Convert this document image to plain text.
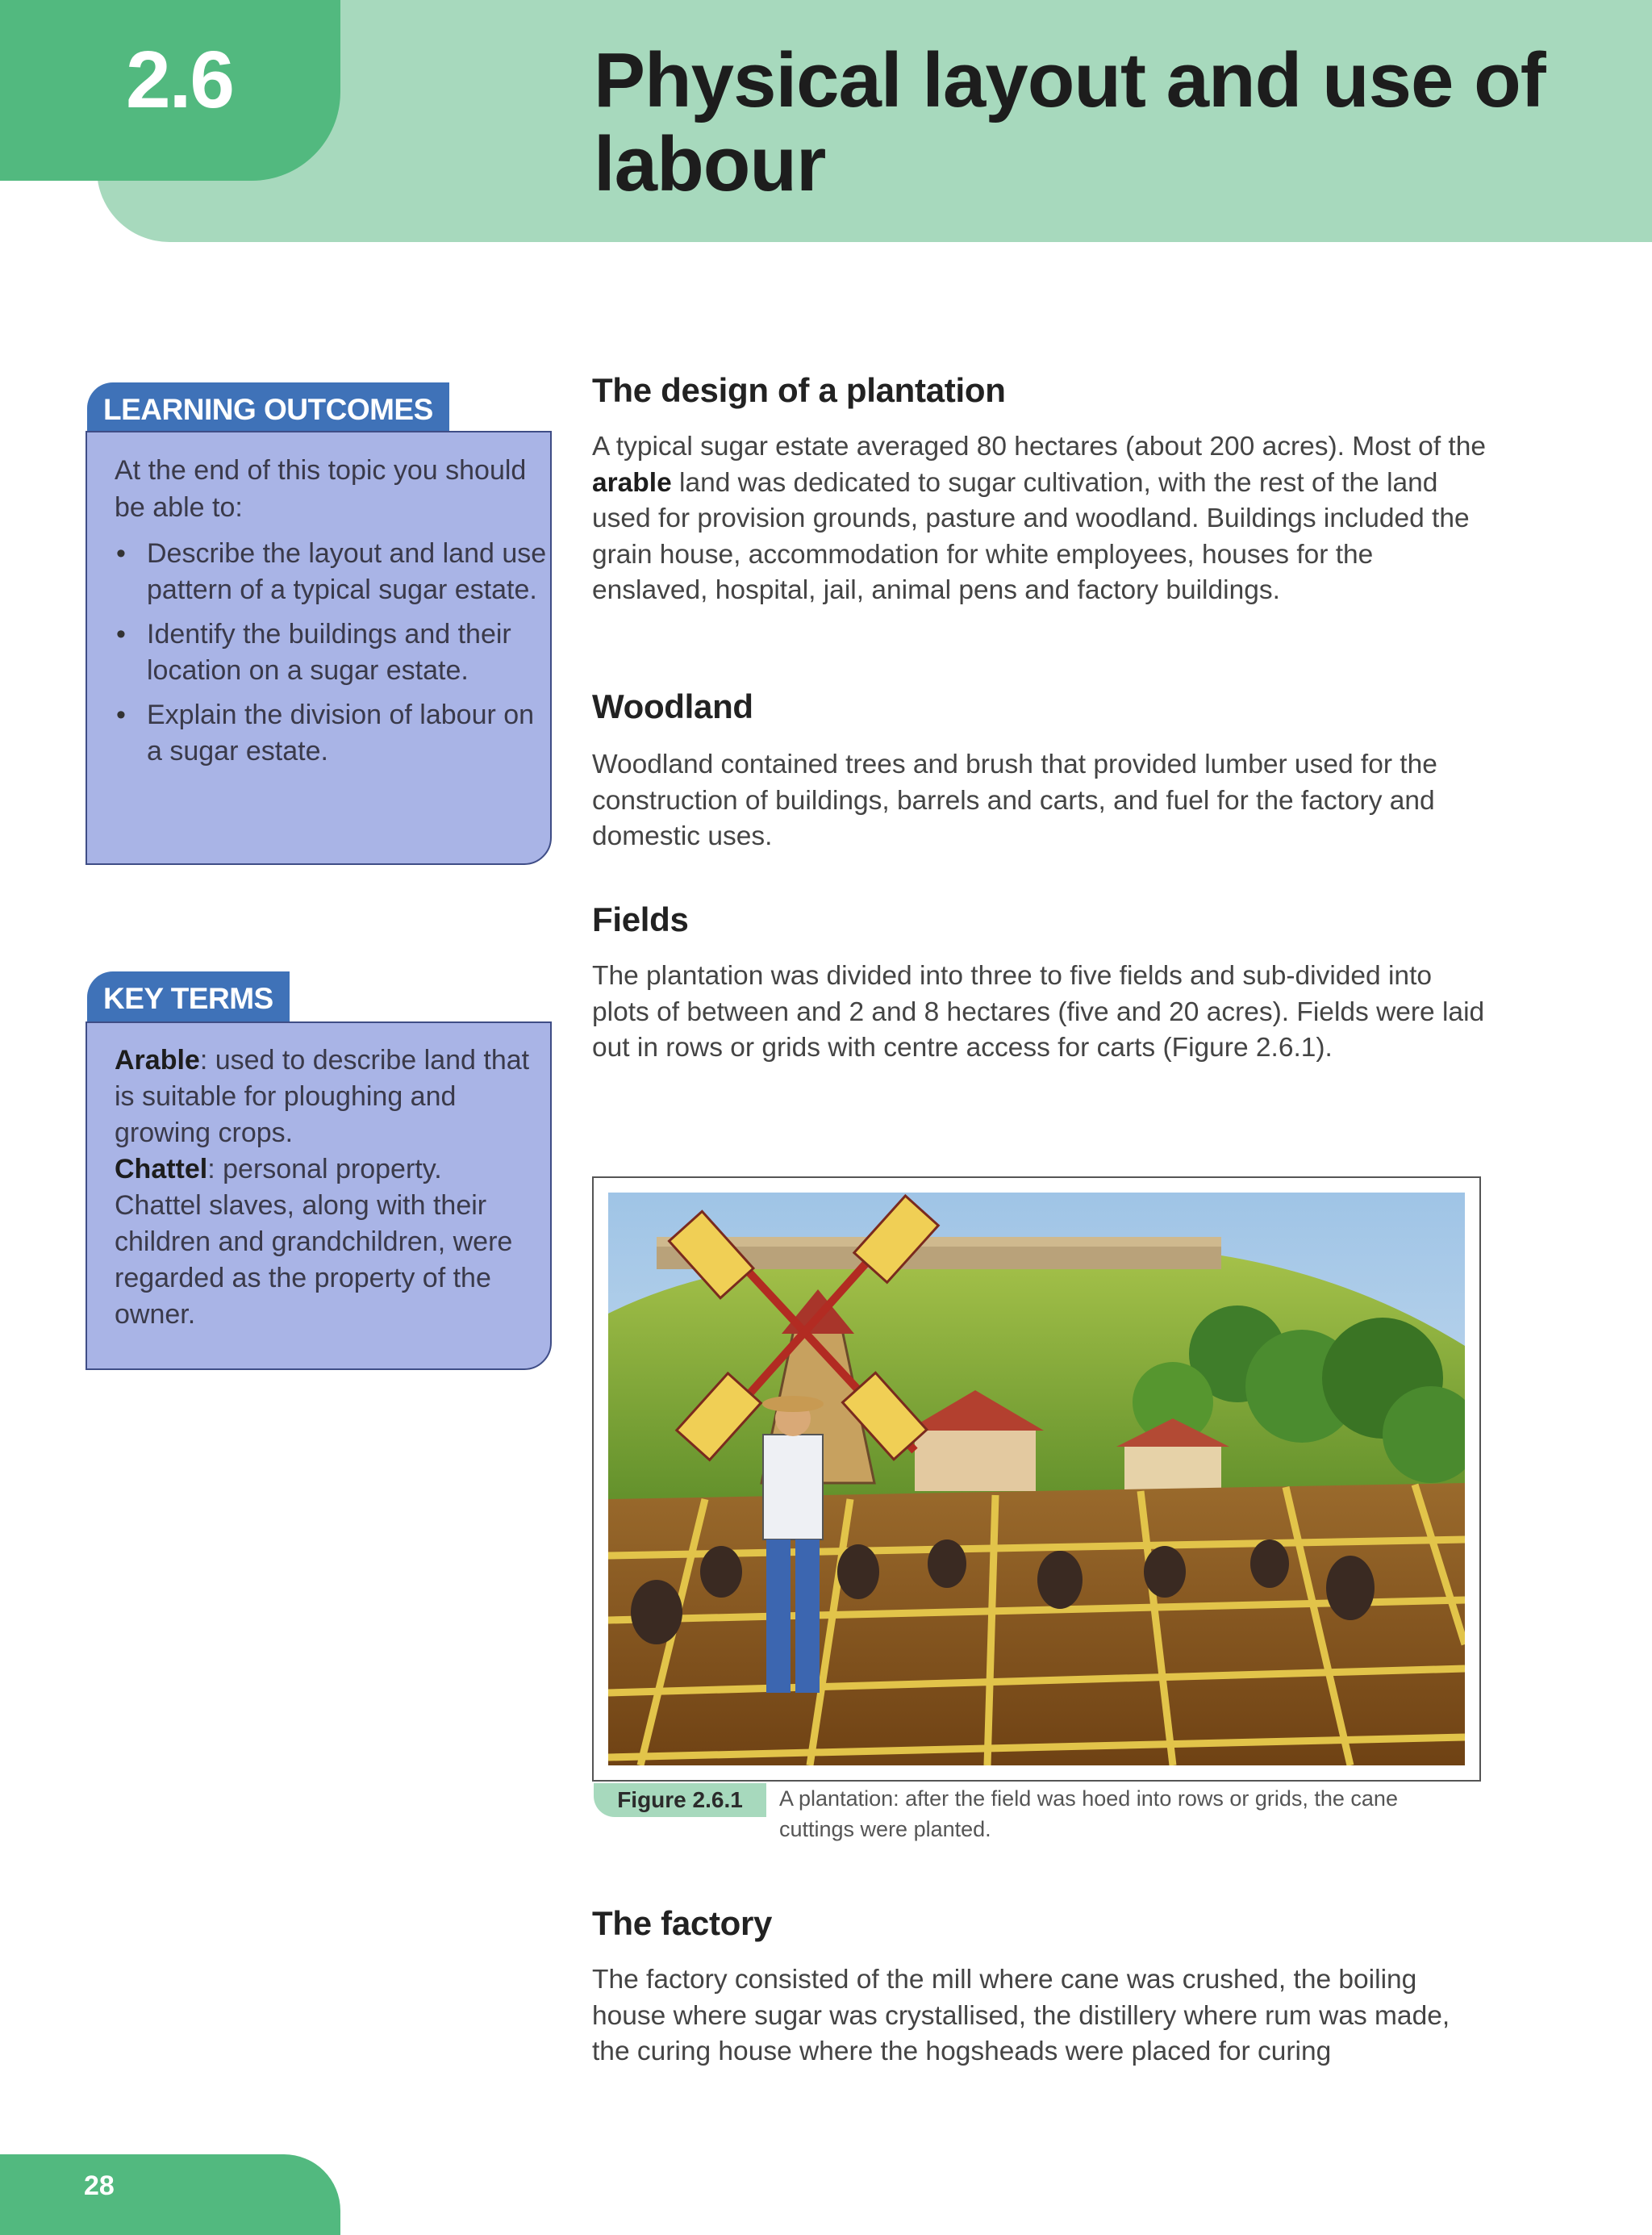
2.6	Physical layout and use of labour
LEARNING OUTCOMES

At the end of this topic you should be able to:

• Describe the layout and land use pattern of a typical sugar estate.
• Identify the buildings and their location on a sugar estate.
• Explain the division of labour on a sugar estate.
KEY TERMS

Arable: used to describe land that is suitable for ploughing and growing crops.

Chattel: personal property. Chattel slaves, along with their children and grandchildren, were regarded as the property of the owner.

The design of a plantation

A typical sugar estate averaged 80 hectares (about 200 acres). Most of the arable land was dedicated to sugar cultivation, with the rest of the land used for provision grounds, pasture and woodland. Buildings included the grain house, accommodation for white employees, houses for the enslaved, hospital, jail, animal pens and factory buildings.

Woodland

Woodland contained trees and brush that provided lumber used for the construction of buildings, barrels and carts, and fuel for the factory and domestic uses.

Fields

The plantation was divided into three to five fields and sub-divided into plots of between and 2 and 8 hectares (five and 20 acres). Fields were laid out in rows or grids with centre access for carts (Figure 2.6.1).

Figure 2.6.1	A plantation: after the field was hoed into rows or grids, the cane cuttings were planted.
The factory

The factory consisted of the mill where cane was crushed, the boiling house where sugar was crystallised, the distillery where rum was made, the curing house where the hogsheads were placed for curing

28
